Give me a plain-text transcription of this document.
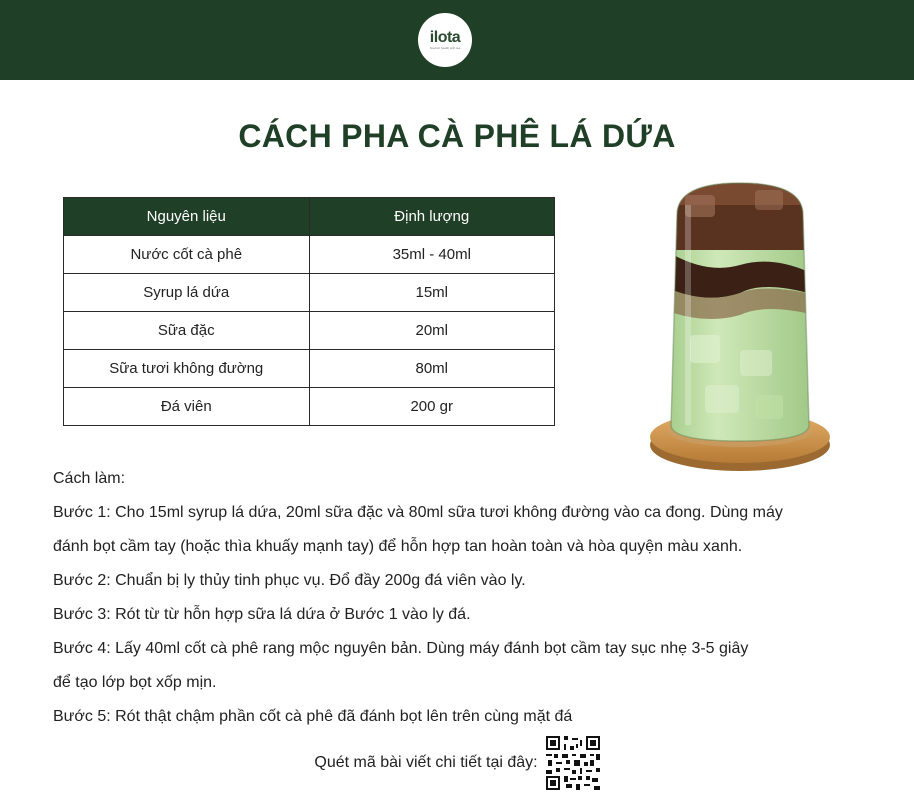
ilota
Nourish health with tea
CÁCH PHA CÀ PHÊ LÁ DỨA
Nguyên liệu	Định lượng
Nước cốt cà phê	35ml - 40ml
Syrup lá dứa	15ml
Sữa đặc	20ml
Sữa tươi không đường	80ml
Đá viên	200 gr

Cách làm:

Bước 1: Cho 15ml syrup lá dứa, 20ml sữa đặc và 80ml sữa tươi không đường vào ca đong. Dùng máy

đánh bọt cầm tay (hoặc thìa khuấy mạnh tay) để hỗn hợp tan hoàn toàn và hòa quyện màu xanh.

Bước 2: Chuẩn bị ly thủy tinh phục vụ. Đổ đầy 200g đá viên vào ly.

Bước 3: Rót từ từ hỗn hợp sữa lá dứa ở Bước 1 vào ly đá.

Bước 4: Lấy 40ml cốt cà phê rang mộc nguyên bản. Dùng máy đánh bọt cầm tay sục nhẹ 3-5 giây

để tạo lớp bọt xốp mịn.

Bước 5: Rót thật chậm phần cốt cà phê đã đánh bọt lên trên cùng mặt đá

Quét mã bài viết chi tiết tại đây:
